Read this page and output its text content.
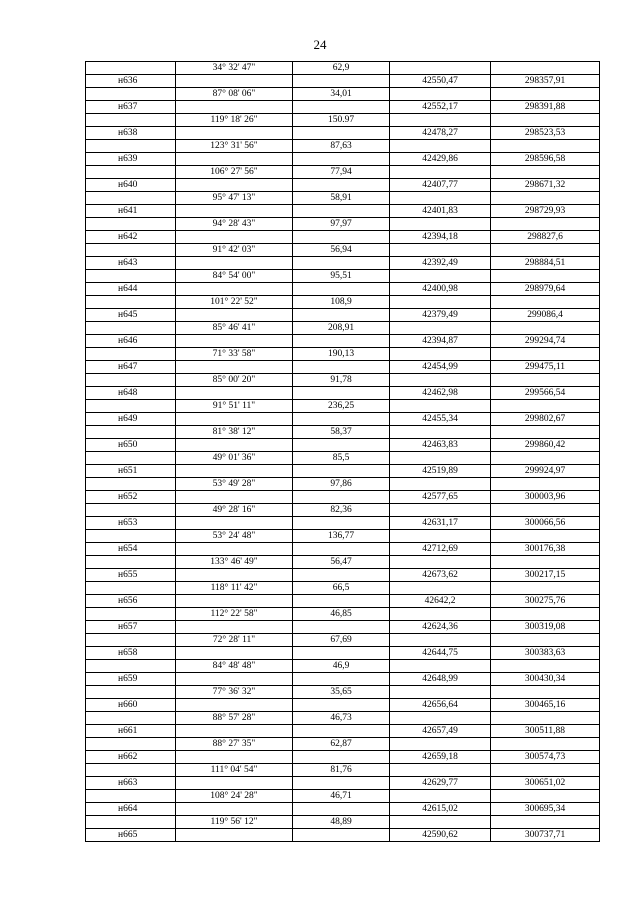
24
	34° 32' 47"	62,9		
н636			42550,47	298357,91
	87° 08' 06"	34,01		
н637			42552,17	298391,88
	119° 18' 26"	150.97		
н638			42478,27	298523,53
	123° 31' 56"	87,63		
н639			42429,86	298596,58
	106° 27' 56"	77,94		
н640			42407,77	298671,32
	95° 47' 13"	58,91		
н641			42401,83	298729,93
	94° 28' 43"	97,97		
н642			42394,18	298827,6
	91° 42' 03"	56,94		
н643			42392,49	298884,51
	84° 54' 00"	95,51		
н644			42400,98	298979,64
	101° 22' 52"	108,9		
н645			42379,49	299086,4
	85° 46' 41"	208,91		
н646			42394,87	299294,74
	71° 33' 58"	190,13		
н647			42454,99	299475,11
	85° 00' 20"	91,78		
н648			42462,98	299566,54
	91° 51' 11"	236,25		
н649			42455,34	299802,67
	81° 38' 12"	58,37		
н650			42463,83	299860,42
	49° 01' 36"	85,5		
н651			42519,89	299924,97
	53° 49' 28"	97,86		
н652			42577,65	300003,96
	49° 28' 16"	82,36		
н653			42631,17	300066,56
	53° 24' 48"	136,77		
н654			42712,69	300176,38
	133° 46' 49"	56,47		
н655			42673,62	300217,15
	118° 11' 42"	66,5		
н656			42642,2	300275,76
	112° 22' 58"	46,85		
н657			42624,36	300319,08
	72° 28' 11"	67,69		
н658			42644,75	300383,63
	84° 48' 48"	46,9		
н659			42648,99	300430,34
	77° 36' 32"	35,65		
н660			42656,64	300465,16
	88° 57' 28"	46,73		
н661			42657,49	300511,88
	88° 27' 35"	62,87		
н662			42659,18	300574,73
	111° 04' 54"	81,76		
н663			42629,77	300651,02
	108° 24' 28"	46,71		
н664			42615,02	300695,34
	119° 56' 12"	48,89		
н665			42590,62	300737,71
